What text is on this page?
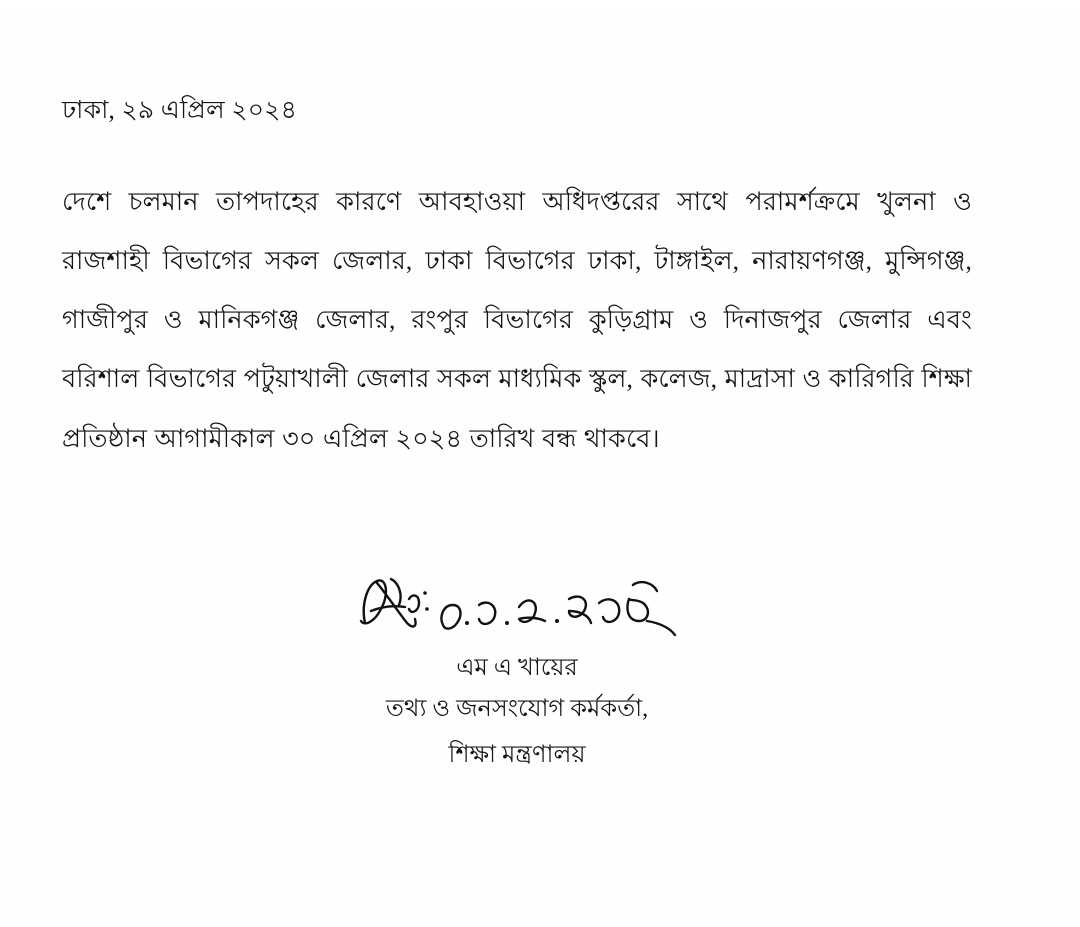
ঢাকা, ২৯ এপ্রিল ২০২৪
দেশে চলমান তাপদাহের কারণে আবহাওয়া অধিদপ্তরের সাথে পরামর্শক্রমে খুলনা ও রাজশাহী বিভাগের সকল জেলার, ঢাকা বিভাগের ঢাকা, টাঙ্গাইল, নারায়ণগঞ্জ, মুন্সিগঞ্জ, গাজীপুর ও মানিকগঞ্জ জেলার, রংপুর বিভাগের কুড়িগ্রাম ও দিনাজপুর জেলার এবং বরিশাল বিভাগের পটুয়াখালী জেলার সকল মাধ্যমিক স্কুল, কলেজ, মাদ্রাসা ও কারিগরি শিক্ষা প্রতিষ্ঠান আগামীকাল ৩০ এপ্রিল ২০২৪ তারিখ বন্ধ থাকবে।
এম এ খায়ের
তথ্য ও জনসংযোগ কর্মকর্তা,
শিক্ষা মন্ত্রণালয়
